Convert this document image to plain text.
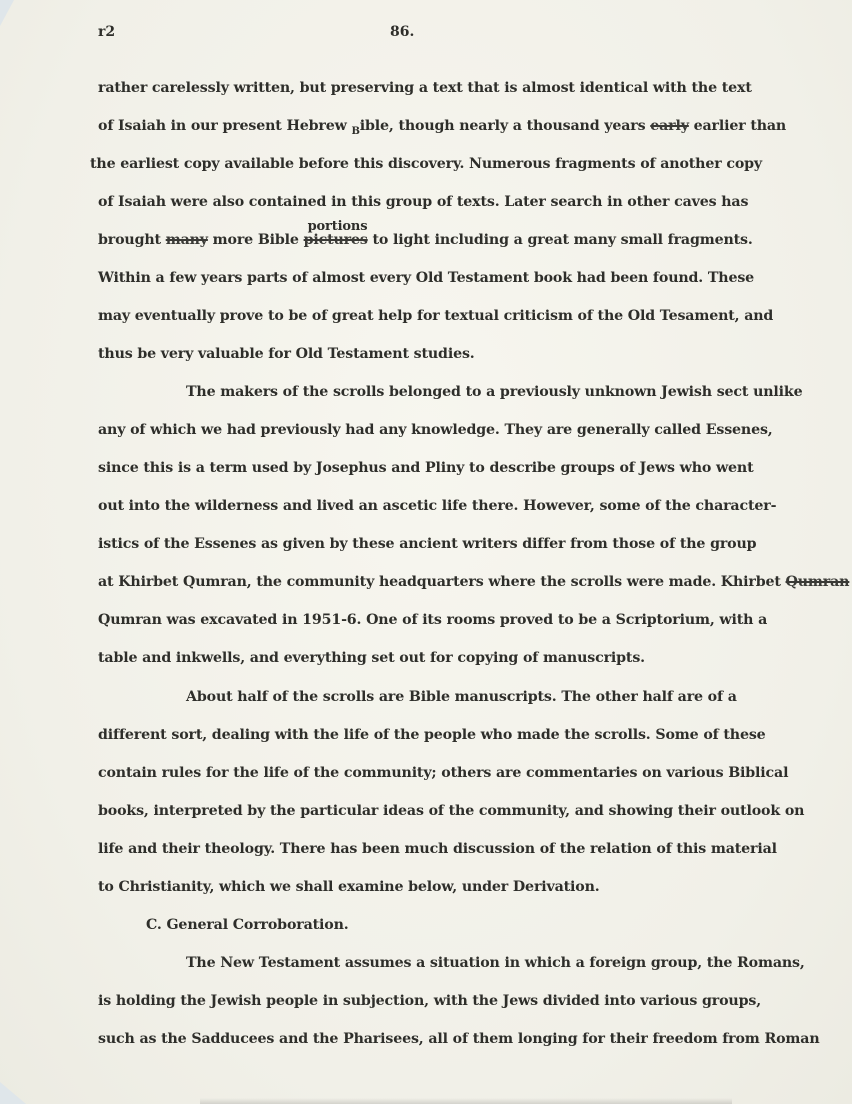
r2	86.
rather carelessly written, but preserving a text that is almost identical with the text
of Isaiah in our present Hebrew $_B$ible, though nearly a thousand years early earlier than
the earliest copy available before this discovery. Numerous fragments of another copy
of Isaiah were also contained in this group of texts. Later search in other caves has
brought many more Bible
portions
pictures to light including a great many small fragments.
Within a few years parts of almost every Old Testament book had been found. These
may eventually prove to be of great help for textual criticism of the Old Tesament, and
thus be very valuable for Old Testament studies.
The makers of the scrolls belonged to a previously unknown Jewish sect unlike
any of which we had previously had any knowledge. They are generally called Essenes,
since this is a term used by Josephus and Pliny to describe groups of Jews who went
out into the wilderness and lived an ascetic life there. However, some of the character-
istics of the Essenes as given by these ancient writers differ from those of the group
at Khirbet Qumran, the community headquarters where the scrolls were made. Khirbet Qumran
Qumran was excavated in 1951-6. One of its rooms proved to be a Scriptorium, with a
table and inkwells, and everything set out for copying of manuscripts.
About half of the scrolls are Bible manuscripts. The other half are of a
different sort, dealing with the life of the people who made the scrolls. Some of these
contain rules for the life of the community; others are commentaries on various Biblical
books, interpreted by the particular ideas of the community, and showing their outlook on
life and their theology. There has been much discussion of the relation of this material
to Christianity, which we shall examine below, under Derivation.
C. General Corroboration.
The New Testament assumes a situation in which a foreign group, the Romans,
is holding the Jewish people in subjection, with the Jews divided into various groups,
such as the Sadducees and the Pharisees, all of them longing for their freedom from Roman
